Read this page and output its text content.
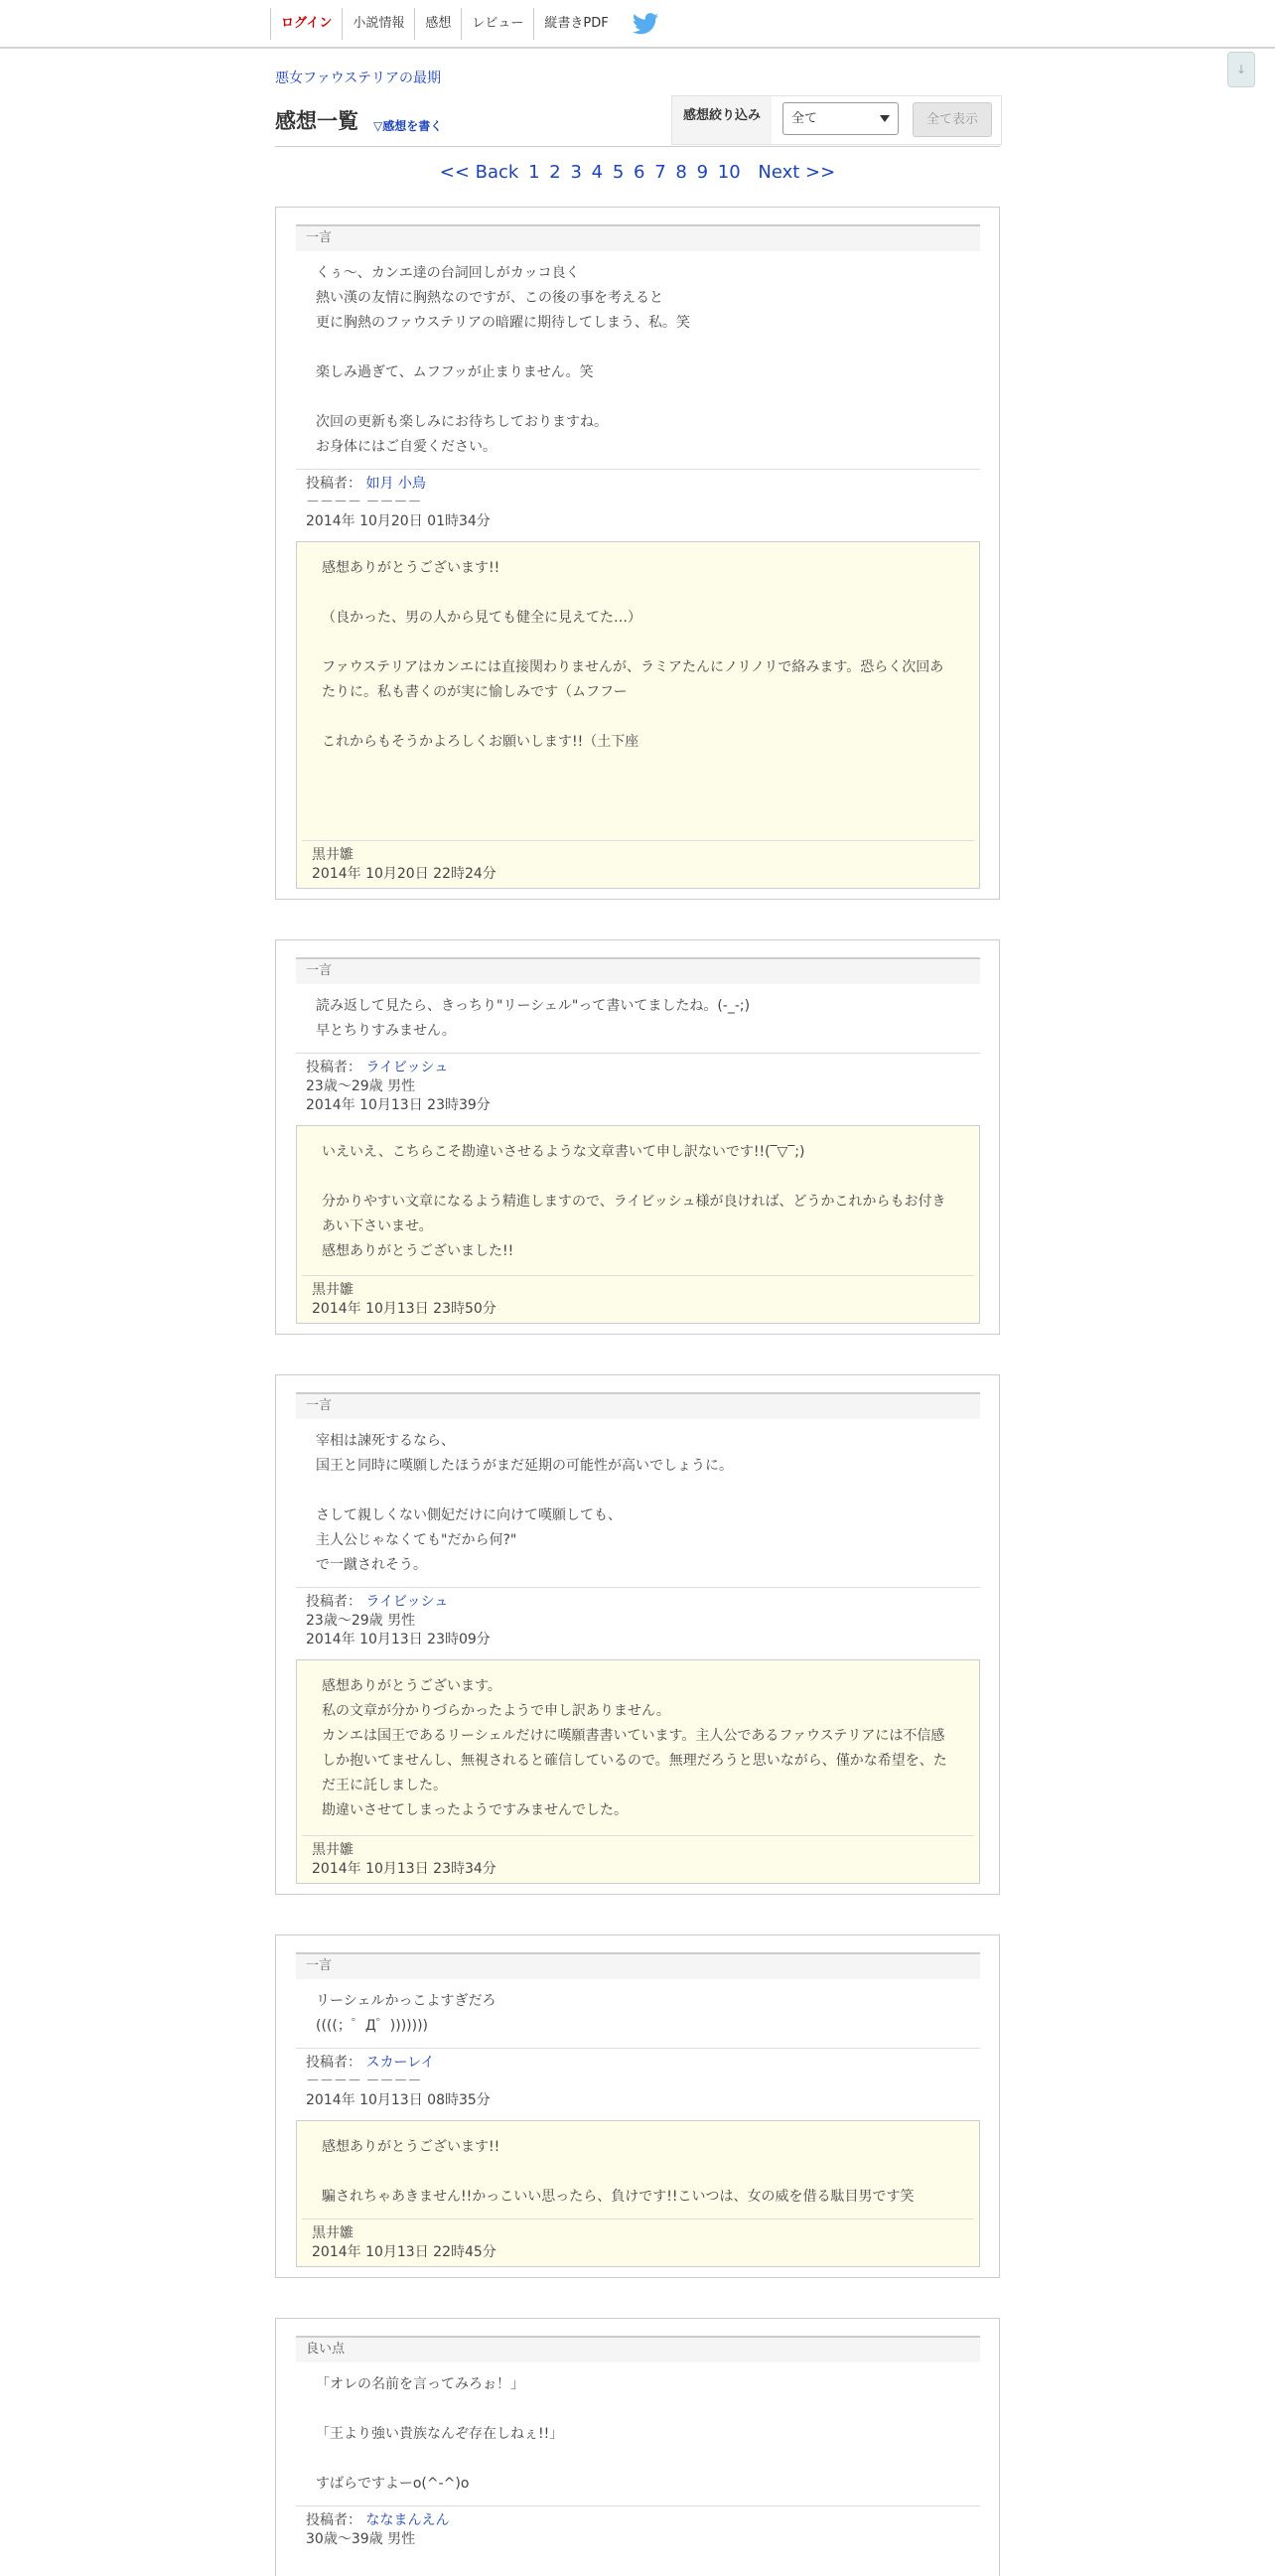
ログイン	小説情報	感想	レビュー	縦書きPDF
↓
悪女ファウステリアの最期
感想一覧 ▽感想を書く
感想絞り込み	全て	全て表示
<< Back 1 2 3 4 5 6 7 8 9 10 Next >>
一言
くぅ〜、カンエ達の台詞回しがカッコ良く
熱い漢の友情に胸熱なのですが、この後の事を考えると
更に胸熱のファウステリアの暗躍に期待してしまう、私。笑
楽しみ過ぎて、ムフフッが止まりません。笑
次回の更新も楽しみにお待ちしておりますね。
お身体にはご自愛ください。
投稿者： 如月 小鳥
－－－－ －－－－
2014年 10月20日 01時34分
感想ありがとうございます!!
（良かった、男の人から見ても健全に見えてた…）
ファウステリアはカンエには直接関わりませんが、ラミアたんにノリノリで絡みます。恐らく次回あたりに。私も書くのが実に愉しみです（ムフフー
これからもそうかよろしくお願いします!!（土下座
黒井雛
2014年 10月20日 22時24分
一言
読み返して見たら、きっちり"リーシェル"って書いてましたね。(-_-;)
早とちりすみません。
投稿者： ライビッシュ
23歳～29歳 男性
2014年 10月13日 23時39分
いえいえ、こちらこそ勘違いさせるような文章書いて申し訳ないです!!(‾▽‾;)
分かりやすい文章になるよう精進しますので、ライビッシュ様が良ければ、どうかこれからもお付きあい下さいませ。
感想ありがとうございました!!
黒井雛
2014年 10月13日 23時50分
一言
宰相は諫死するなら、
国王と同時に嘆願したほうがまだ延期の可能性が高いでしょうに。
さして親しくない側妃だけに向けて嘆願しても、
主人公じゃなくても"だから何?"
で一蹴されそう。
投稿者： ライビッシュ
23歳～29歳 男性
2014年 10月13日 23時09分
感想ありがとうございます。
私の文章が分かりづらかったようで申し訳ありません。
カンエは国王であるリーシェルだけに嘆願書書いています。主人公であるファウステリアには不信感しか抱いてませんし、無視されると確信しているので。無理だろうと思いながら、僅かな希望を、ただ王に託しました。
勘違いさせてしまったようですみませんでした。
黒井雛
2014年 10月13日 23時34分
一言
リーシェルかっこよすぎだろ
((((；゜Д゜)))))))
投稿者： スカーレイ
－－－－ －－－－
2014年 10月13日 08時35分
感想ありがとうございます!!
騙されちゃあきません!!かっこいい思ったら、負けです!!こいつは、女の威を借る駄目男です笑
黒井雛
2014年 10月13日 22時45分
良い点
「オレの名前を言ってみろぉ！」
「王より強い貴族なんぞ存在しねぇ!!」
すばらですよーo(^-^)o
投稿者： ななまんえん
30歳～39歳 男性
